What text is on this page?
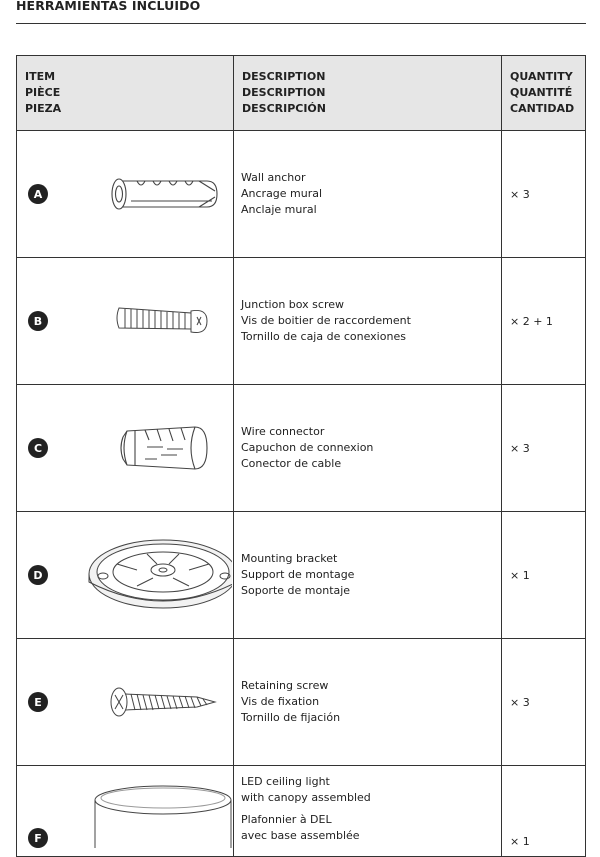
HERRAMIENTAS INCLUIDO
ITEM
PIÈCE
PIEZA	DESCRIPTION
DESCRIPTION
DESCRIPCIÓN	QUANTITY
QUANTITÉ
CANTIDAD

A	Wall anchor
Ancrage mural
Anclaje mural	× 3

B	Junction box screw
Vis de boitier de raccordement
Tornillo de caja de conexiones	× 2 + 1

C	Wire connector
Capuchon de connexion
Conector de cable	× 3

D	Mounting bracket
Support de montage
Soporte de montaje	× 1

E	Retaining screw
Vis de fixation
Tornillo de fijación	× 3

F	LED ceiling light
with canopy assembled
Plafonnier à DEL
avec base assemblée	× 1
